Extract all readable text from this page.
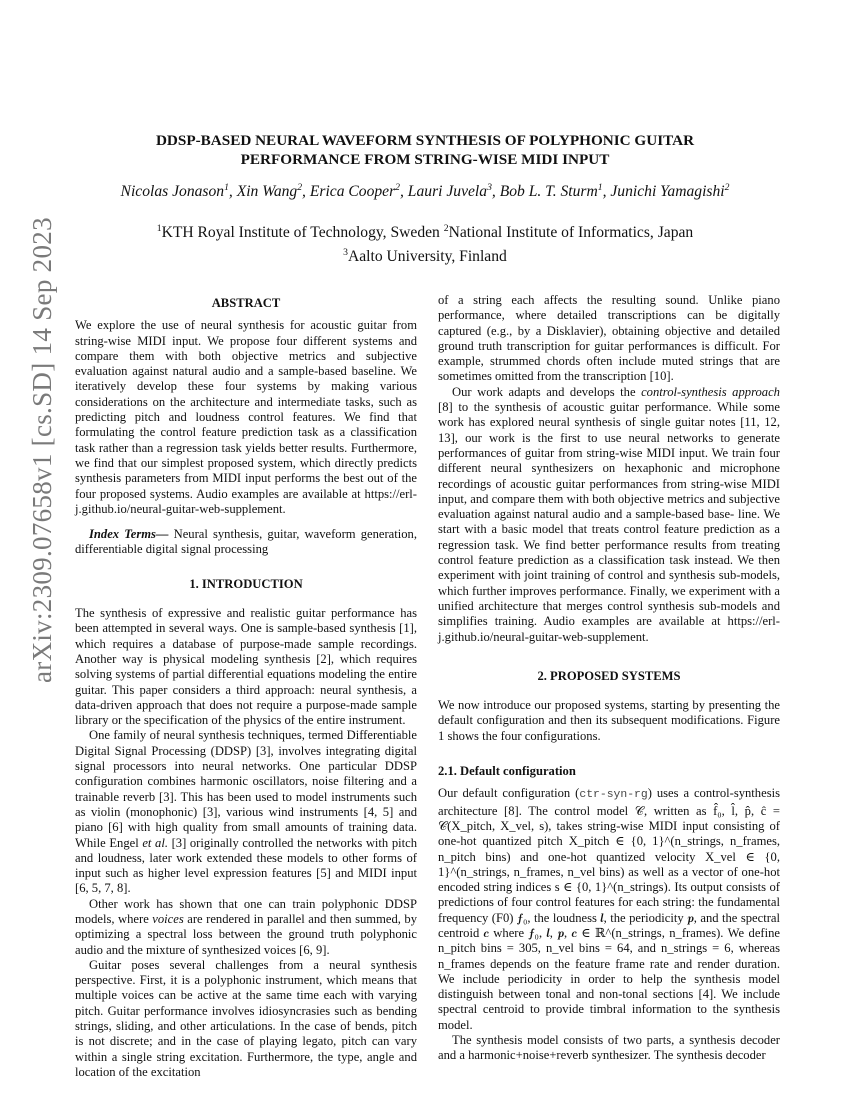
arXiv:2309.07658v1 [cs.SD] 14 Sep 2023
DDSP-BASED NEURAL WAVEFORM SYNTHESIS OF POLYPHONIC GUITAR
PERFORMANCE FROM STRING-WISE MIDI INPUT
Nicolas Jonason$^1$, Xin Wang$^2$, Erica Cooper$^2$, Lauri Juvela$^3$, Bob L. T. Sturm$^1$, Junichi Yamagishi$^2$
$^1$KTH Royal Institute of Technology, Sweden $^2$National Institute of Informatics, Japan
$^3$Aalto University, Finland

ABSTRACT

We explore the use of neural synthesis for acoustic guitar from string-wise MIDI input. We propose four different systems and compare them with both objective metrics and subjective evaluation against natural audio and a sample-based baseline. We iteratively develop these four systems by making various considerations on the architecture and intermediate tasks, such as predicting pitch and loudness control features. We find that formulating the control feature prediction task as a classification task rather than a regression task yields better results. Furthermore, we find that our simplest proposed system, which directly predicts synthesis parameters from MIDI input performs the best out of the four proposed systems. Audio examples are available at https://erl-j.github.io/neural-guitar-web-supplement.

Index Terms— Neural synthesis, guitar, waveform generation, differentiable digital signal processing

1. INTRODUCTION

The synthesis of expressive and realistic guitar performance has been attempted in several ways. One is sample-based synthesis [1], which requires a database of purpose-made sample recordings. Another way is physical modeling synthesis [2], which requires solving systems of partial differential equations modeling the entire guitar. This paper considers a third approach: neural synthesis, a data-driven approach that does not require a purpose-made sample library or the specification of the physics of the entire instrument.

One family of neural synthesis techniques, termed Differentiable Digital Signal Processing (DDSP) [3], involves integrating digital signal processors into neural networks. One particular DDSP configuration combines harmonic oscillators, noise filtering and a trainable reverb [3]. This has been used to model instruments such as violin (monophonic) [3], various wind instruments [4, 5] and piano [6] with high quality from small amounts of training data. While Engel et al. [3] originally controlled the networks with pitch and loudness, later work extended these models to other forms of input such as higher level expression features [5] and MIDI input [6, 5, 7, 8].

Other work has shown that one can train polyphonic DDSP models, where voices are rendered in parallel and then summed, by optimizing a spectral loss between the ground truth polyphonic audio and the mixture of synthesized voices [6, 9].

Guitar poses several challenges from a neural synthesis perspective. First, it is a polyphonic instrument, which means that multiple voices can be active at the same time each with varying pitch. Guitar performance involves idiosyncrasies such as bending strings, sliding, and other articulations. In the case of bends, pitch is not discrete; and in the case of playing legato, pitch can vary within a single string excitation. Furthermore, the type, angle and location of the excitation

of a string each affects the resulting sound. Unlike piano performance, where detailed transcriptions can be digitally captured (e.g., by a Disklavier), obtaining objective and detailed ground truth transcription for guitar performances is difficult. For example, strummed chords often include muted strings that are sometimes omitted from the transcription [10].

Our work adapts and develops the control-synthesis approach [8] to the synthesis of acoustic guitar performance. While some work has explored neural synthesis of single guitar notes [11, 12, 13], our work is the first to use neural networks to generate performances of guitar from string-wise MIDI input. We train four different neural synthesizers on hexaphonic and microphone recordings of acoustic guitar performances from string-wise MIDI input, and compare them with both objective metrics and subjective evaluation against natural audio and a sample-based base- line. We start with a basic model that treats control feature prediction as a regression task. We find better performance results from treating control feature prediction as a classification task instead. We then experiment with joint training of control and synthesis sub-models, which further improves performance. Finally, we experiment with a unified architecture that merges control synthesis sub-models and simplifies training. Audio examples are available at https://erl-j.github.io/neural-guitar-web-supplement.

2. PROPOSED SYSTEMS

We now introduce our proposed systems, starting by presenting the default configuration and then its subsequent modifications. Figure 1 shows the four configurations.

2.1. Default configuration

Our default configuration (ctr-syn-rg) uses a control-synthesis architecture [8]. The control model 𝒞, written as f̂₀, l̂, p̂, ĉ = 𝒞(X_pitch, X_vel, s), takes string-wise MIDI input consisting of one-hot quantized pitch X_pitch ∈ {0, 1}^(n_strings, n_frames, n_pitch bins) and one-hot quantized velocity X_vel ∈ {0, 1}^(n_strings, n_frames, n_vel bins) as well as a vector of one-hot encoded string indices s ∈ {0, 1}^(n_strings). Its output consists of predictions of four control features for each string: the fundamental frequency (F0) 𝒇₀, the loudness 𝒍, the periodicity 𝒑, and the spectral centroid 𝒄 where 𝒇₀, 𝒍, 𝒑, 𝒄 ∈ ℝ^(n_strings, n_frames). We define n_pitch bins = 305, n_vel bins = 64, and n_strings = 6, whereas n_frames depends on the feature frame rate and render duration. We include periodicity in order to help the synthesis model distinguish between tonal and non-tonal sections [4]. We include spectral centroid to provide timbral information to the synthesis model.

The synthesis model consists of two parts, a synthesis decoder and a harmonic+noise+reverb synthesizer. The synthesis decoder
